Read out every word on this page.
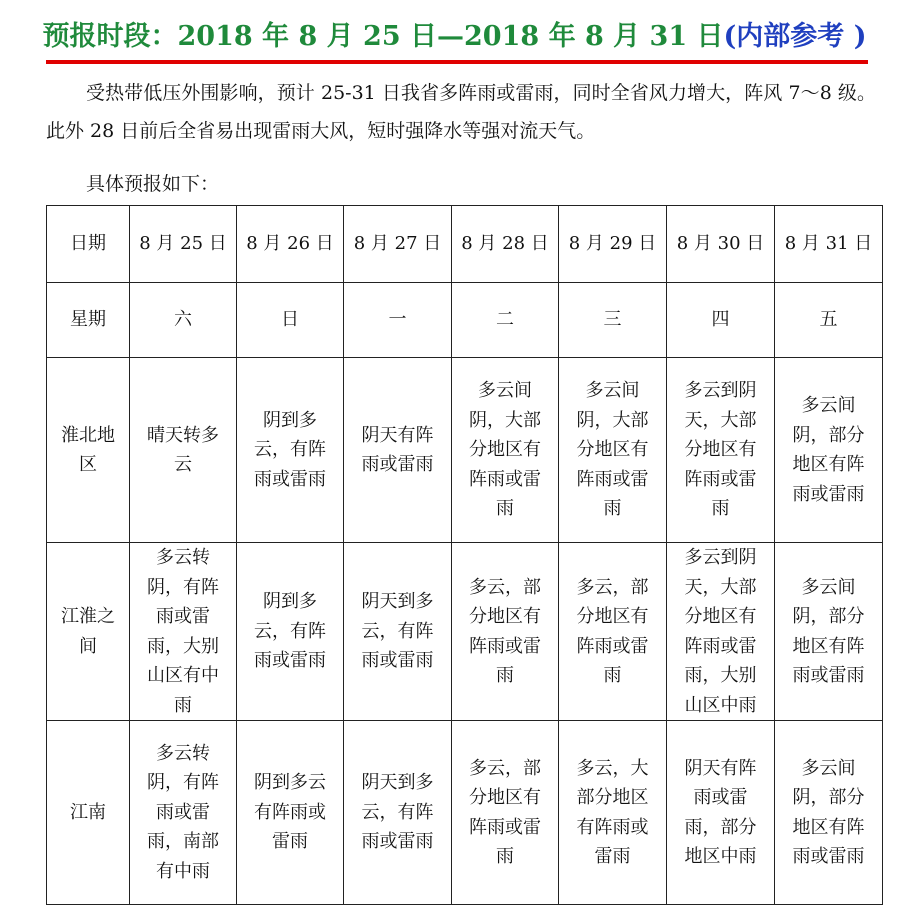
预报时段：2018 年 8 月 25 日—2018 年 8 月 31 日(内部参考 )

受热带低压外围影响，预计 25-31 日我省多阵雨或雷雨，同时全省风力增大，阵风 7～8 级。此外 28 日前后全省易出现雷雨大风，短时强降水等强对流天气。

具体预报如下：

日期	8 月 25 日	8 月 26 日	8 月 27 日	8 月 28 日	8 月 29 日	8 月 30 日	8 月 31 日
星期	六	日	一	二	三	四	五
淮北地区	晴天转多云	阴到多云，有阵雨或雷雨	阴天有阵雨或雷雨	多云间阴，大部分地区有阵雨或雷雨	多云间阴，大部分地区有阵雨或雷雨	多云到阴天，大部分地区有阵雨或雷雨	多云间阴，部分地区有阵雨或雷雨
江淮之间	多云转阴，有阵雨或雷雨，大别山区有中雨	阴到多云，有阵雨或雷雨	阴天到多云，有阵雨或雷雨	多云，部分地区有阵雨或雷雨	多云，部分地区有阵雨或雷雨	多云到阴天，大部分地区有阵雨或雷雨，大别山区中雨	多云间阴，部分地区有阵雨或雷雨
江南	多云转阴，有阵雨或雷雨，南部有中雨	阴到多云有阵雨或雷雨	阴天到多云，有阵雨或雷雨	多云，部分地区有阵雨或雷雨	多云，大部分地区有阵雨或雷雨	阴天有阵雨或雷雨，部分地区中雨	多云间阴，部分地区有阵雨或雷雨
